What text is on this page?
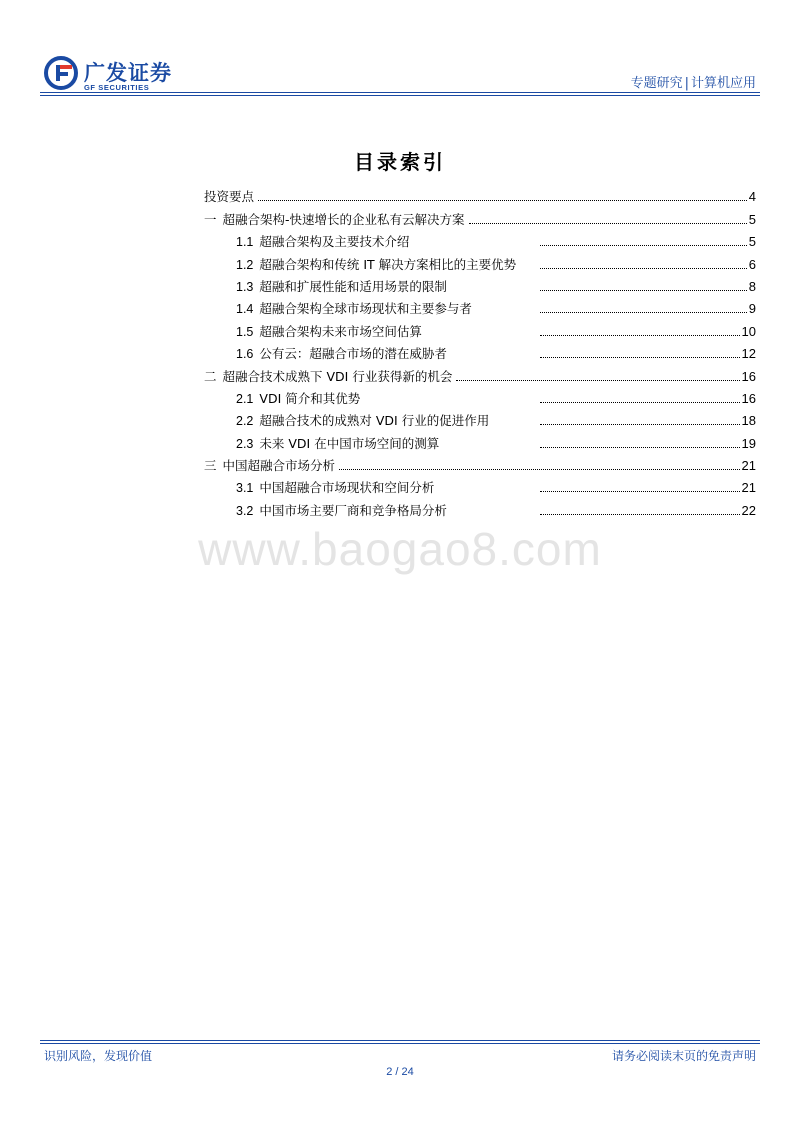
广发证券
GF SECURITIES	专题研究 | 计算机应用
目录索引
投资要点	4
一 超融合架构-快速增长的企业私有云解决方案	5
1.1 超融合架构及主要技术介绍	5
1.2 超融合架构和传统 IT 解决方案相比的主要优势	6
1.3 超融和扩展性能和适用场景的限制	8
1.4 超融合架构全球市场现状和主要参与者	9
1.5 超融合架构未来市场空间估算	10
1.6 公有云：超融合市场的潜在威胁者	12
二 超融合技术成熟下 VDI 行业获得新的机会	16
2.1 VDI 简介和其优势	16
2.2 超融合技术的成熟对 VDI 行业的促进作用	18
2.3 未来 VDI 在中国市场空间的测算	19
三 中国超融合市场分析	21
3.1 中国超融合市场现状和空间分析	21
3.2 中国市场主要厂商和竞争格局分析	22
www.baogao8.com
识别风险，发现价值	请务必阅读末页的免责声明
2 / 24
